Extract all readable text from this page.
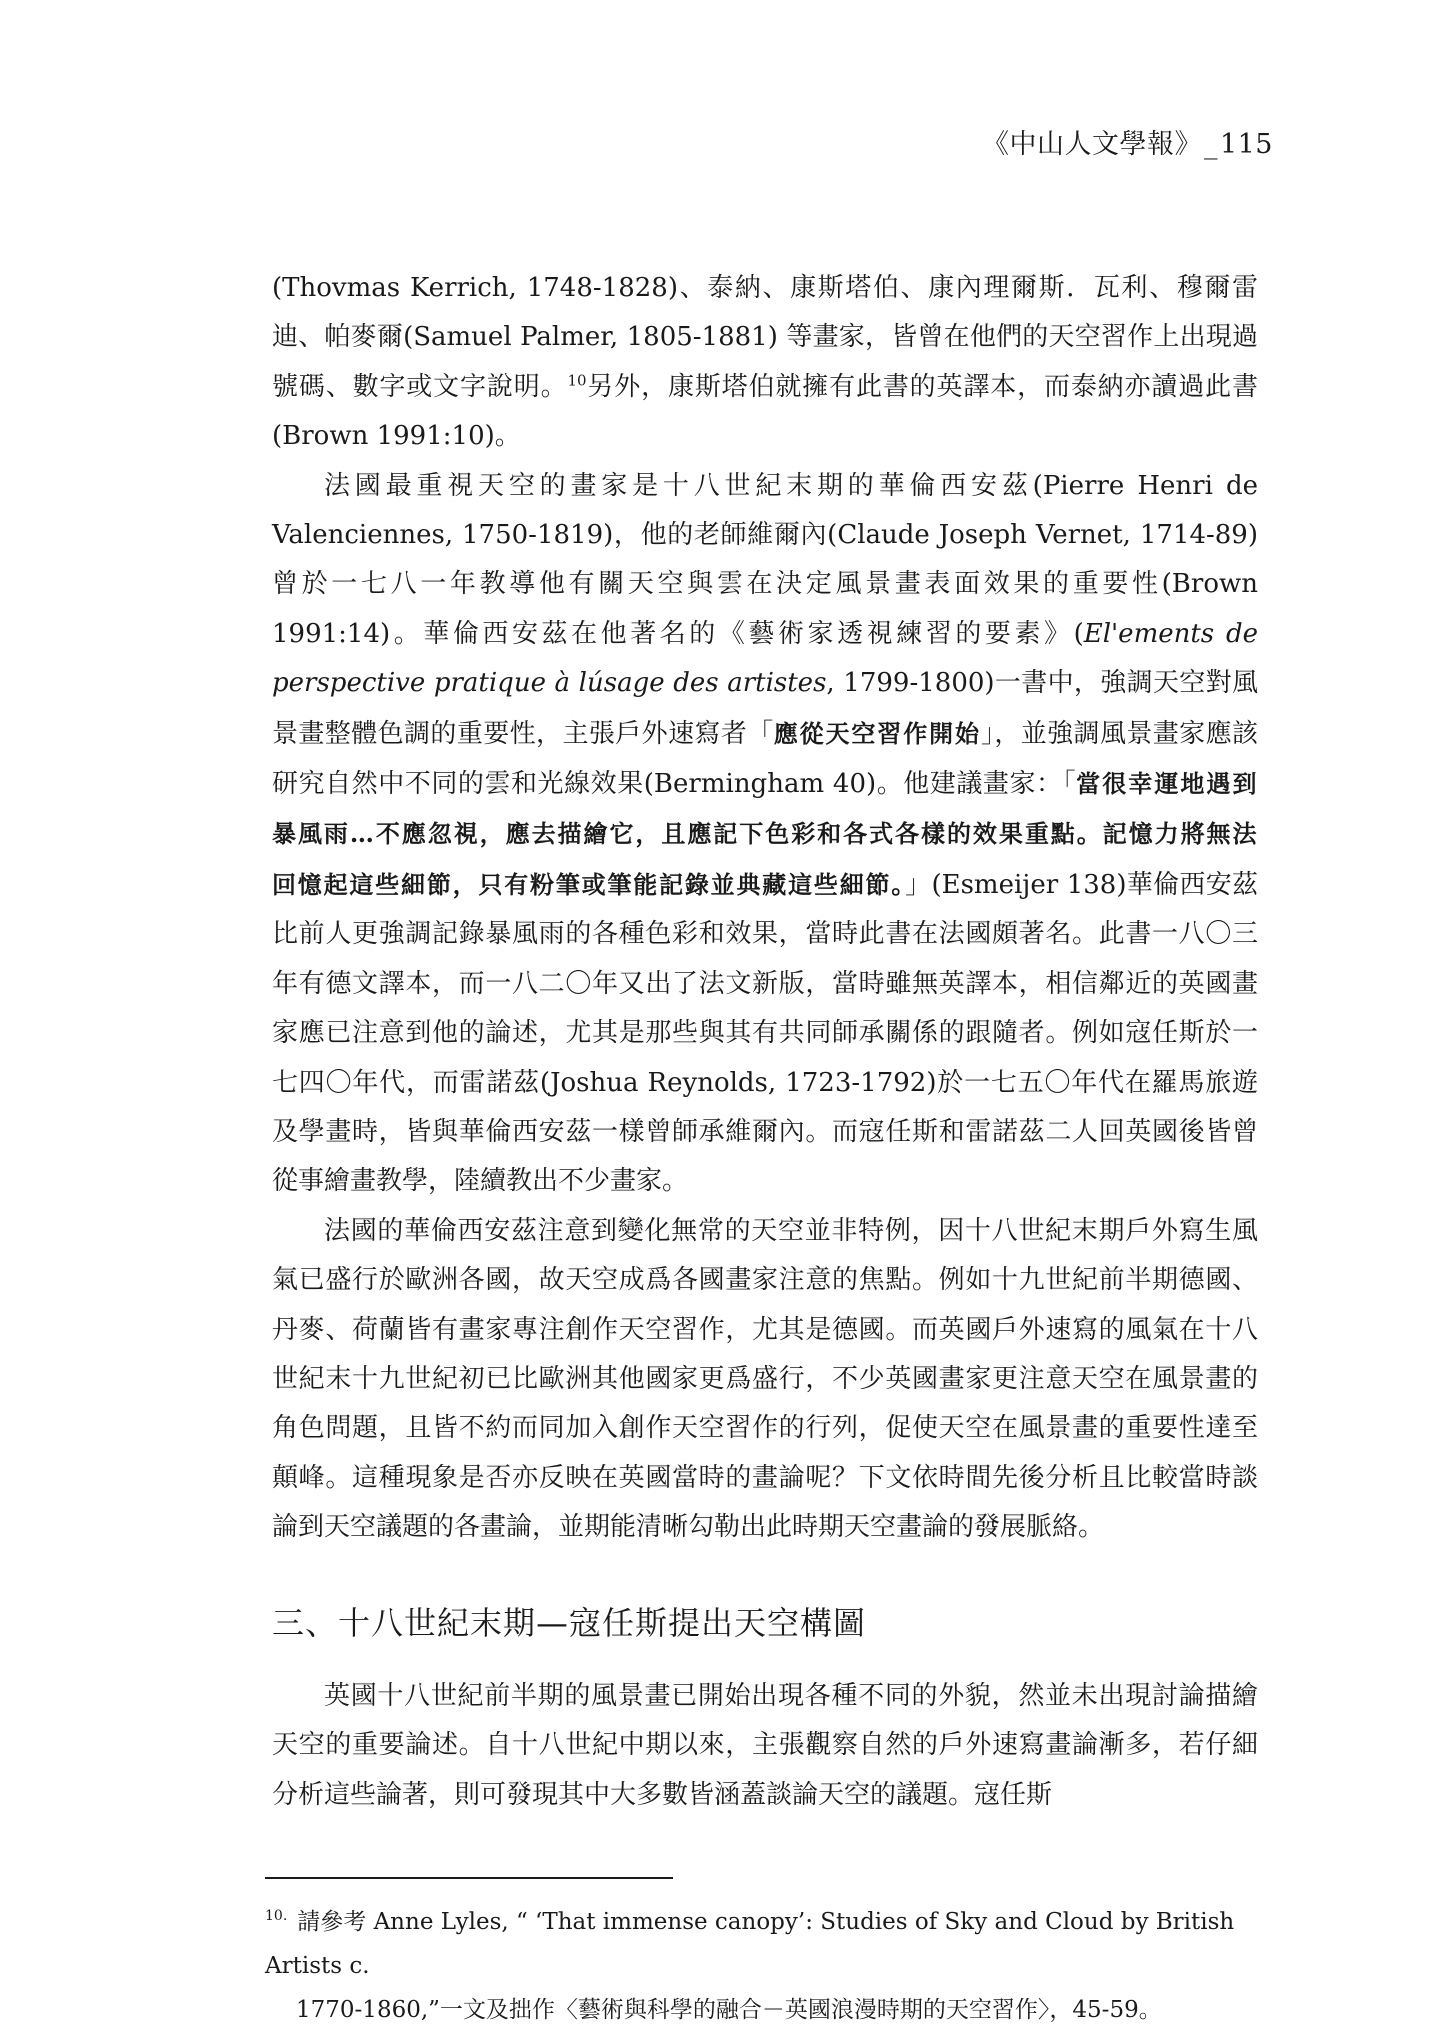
《中山人文學報》_115

(Thovmas Kerrich, 1748-1828)、泰納、康斯塔伯、康內理爾斯．瓦利、穆爾雷迪、帕麥爾(Samuel Palmer, 1805-1881) 等畫家，皆曾在他們的天空習作上出現過號碼、數字或文字說明。$^{10}$另外，康斯塔伯就擁有此書的英譯本，而泰納亦讀過此書(Brown 1991:10)。

法國最重視天空的畫家是十八世紀末期的華倫西安茲(Pierre Henri de Valenciennes, 1750-1819)，他的老師維爾內(Claude Joseph Vernet, 1714-89)曾於一七八一年教導他有關天空與雲在決定風景畫表面效果的重要性(Brown 1991:14)。華倫西安茲在他著名的《藝術家透視練習的要素》(El'ements de perspective pratique à lúsage des artistes, 1799-1800)一書中，強調天空對風景畫整體色調的重要性，主張戶外速寫者「應從天空習作開始」，並強調風景畫家應該研究自然中不同的雲和光線效果(Bermingham 40)。他建議畫家：「當很幸運地遇到暴風雨…不應忽視，應去描繪它，且應記下色彩和各式各樣的效果重點。記憶力將無法回憶起這些細節，只有粉筆或筆能記錄並典藏這些細節。」(Esmeijer 138)華倫西安茲比前人更強調記錄暴風雨的各種色彩和效果，當時此書在法國頗著名。此書一八〇三年有德文譯本，而一八二〇年又出了法文新版，當時雖無英譯本，相信鄰近的英國畫家應已注意到他的論述，尤其是那些與其有共同師承關係的跟隨者。例如寇任斯於一七四〇年代，而雷諾茲(Joshua Reynolds, 1723-1792)於一七五〇年代在羅馬旅遊及學畫時，皆與華倫西安茲一樣曾師承維爾內。而寇任斯和雷諾茲二人回英國後皆曾從事繪畫教學，陸續教出不少畫家。

法國的華倫西安茲注意到變化無常的天空並非特例，因十八世紀末期戶外寫生風氣已盛行於歐洲各國，故天空成爲各國畫家注意的焦點。例如十九世紀前半期德國、丹麥、荷蘭皆有畫家專注創作天空習作，尤其是德國。而英國戶外速寫的風氣在十八世紀末十九世紀初已比歐洲其他國家更爲盛行，不少英國畫家更注意天空在風景畫的角色問題，且皆不約而同加入創作天空習作的行列，促使天空在風景畫的重要性達至顛峰。這種現象是否亦反映在英國當時的畫論呢？下文依時間先後分析且比較當時談論到天空議題的各畫論，並期能清晰勾勒出此時期天空畫論的發展脈絡。

三、十八世紀末期—寇任斯提出天空構圖

英國十八世紀前半期的風景畫已開始出現各種不同的外貌，然並未出現討論描繪天空的重要論述。自十八世紀中期以來，主張觀察自然的戶外速寫畫論漸多，若仔細分析這些論著，則可發現其中大多數皆涵蓋談論天空的議題。寇任斯

$^{10.}$ 請參考 Anne Lyles, “ ‘That immense canopy’: Studies of Sky and Cloud by British Artists c.
1770-1860,”一文及拙作〈藝術與科學的融合－英國浪漫時期的天空習作〉，45-59。
